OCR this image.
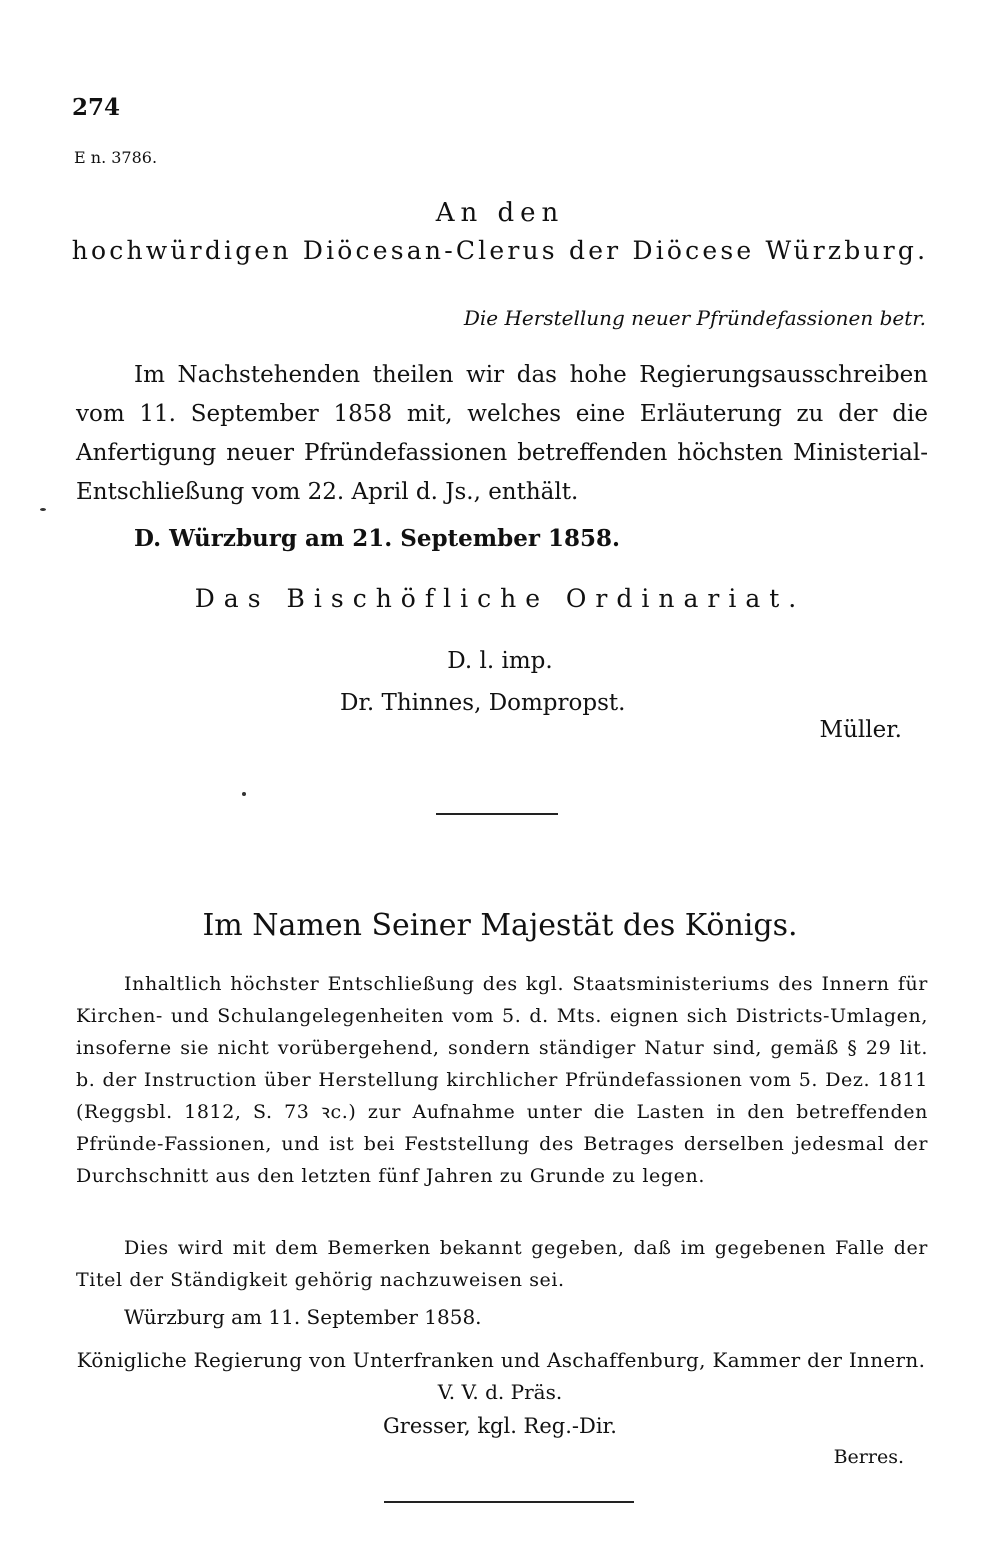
274
E n. 3786.
An den
hochwürdigen Diöcesan-Clerus der Diöcese Würzburg.
Die Herstellung neuer Pfründefassionen betr.

Im Nachstehenden theilen wir das hohe Regierungsausschreiben vom 11. September 1858 mit, welches eine Erläuterung zu der die Anfertigung neuer Pfründefassionen betreffenden höchsten Ministerial-Entschließung vom 22. April d. Js., enthält.

D. Würzburg am 21. September 1858.
Das Bischöfliche Ordinariat.
D. l. imp.
Dr. Thinnes, Dompropst.
Müller.
Im Namen Seiner Majestät des Königs.

Inhaltlich höchster Entschließung des kgl. Staatsministeriums des Innern für Kirchen- und Schulangelegenheiten vom 5. d. Mts. eignen sich Districts-Umlagen, insoferne sie nicht vorübergehend, sondern ständiger Natur sind, gemäß § 29 lit. b. der Instruction über Herstellung kirchlicher Pfründefassionen vom 5. Dez. 1811 (Reggsbl. 1812, S. 73 ꝛc.) zur Aufnahme unter die Lasten in den betreffenden Pfründe-Fassionen, und ist bei Feststellung des Betrages derselben jedesmal der Durchschnitt aus den letzten fünf Jahren zu Grunde zu legen.

Dies wird mit dem Bemerken bekannt gegeben, daß im gegebenen Falle der Titel der Ständigkeit gehörig nachzuweisen sei.

Würzburg am 11. September 1858.
Königliche Regierung von Unterfranken und Aschaffenburg, Kammer der Innern.
V. V. d. Präs.
Gresser, kgl. Reg.-Dir.
Berres.
